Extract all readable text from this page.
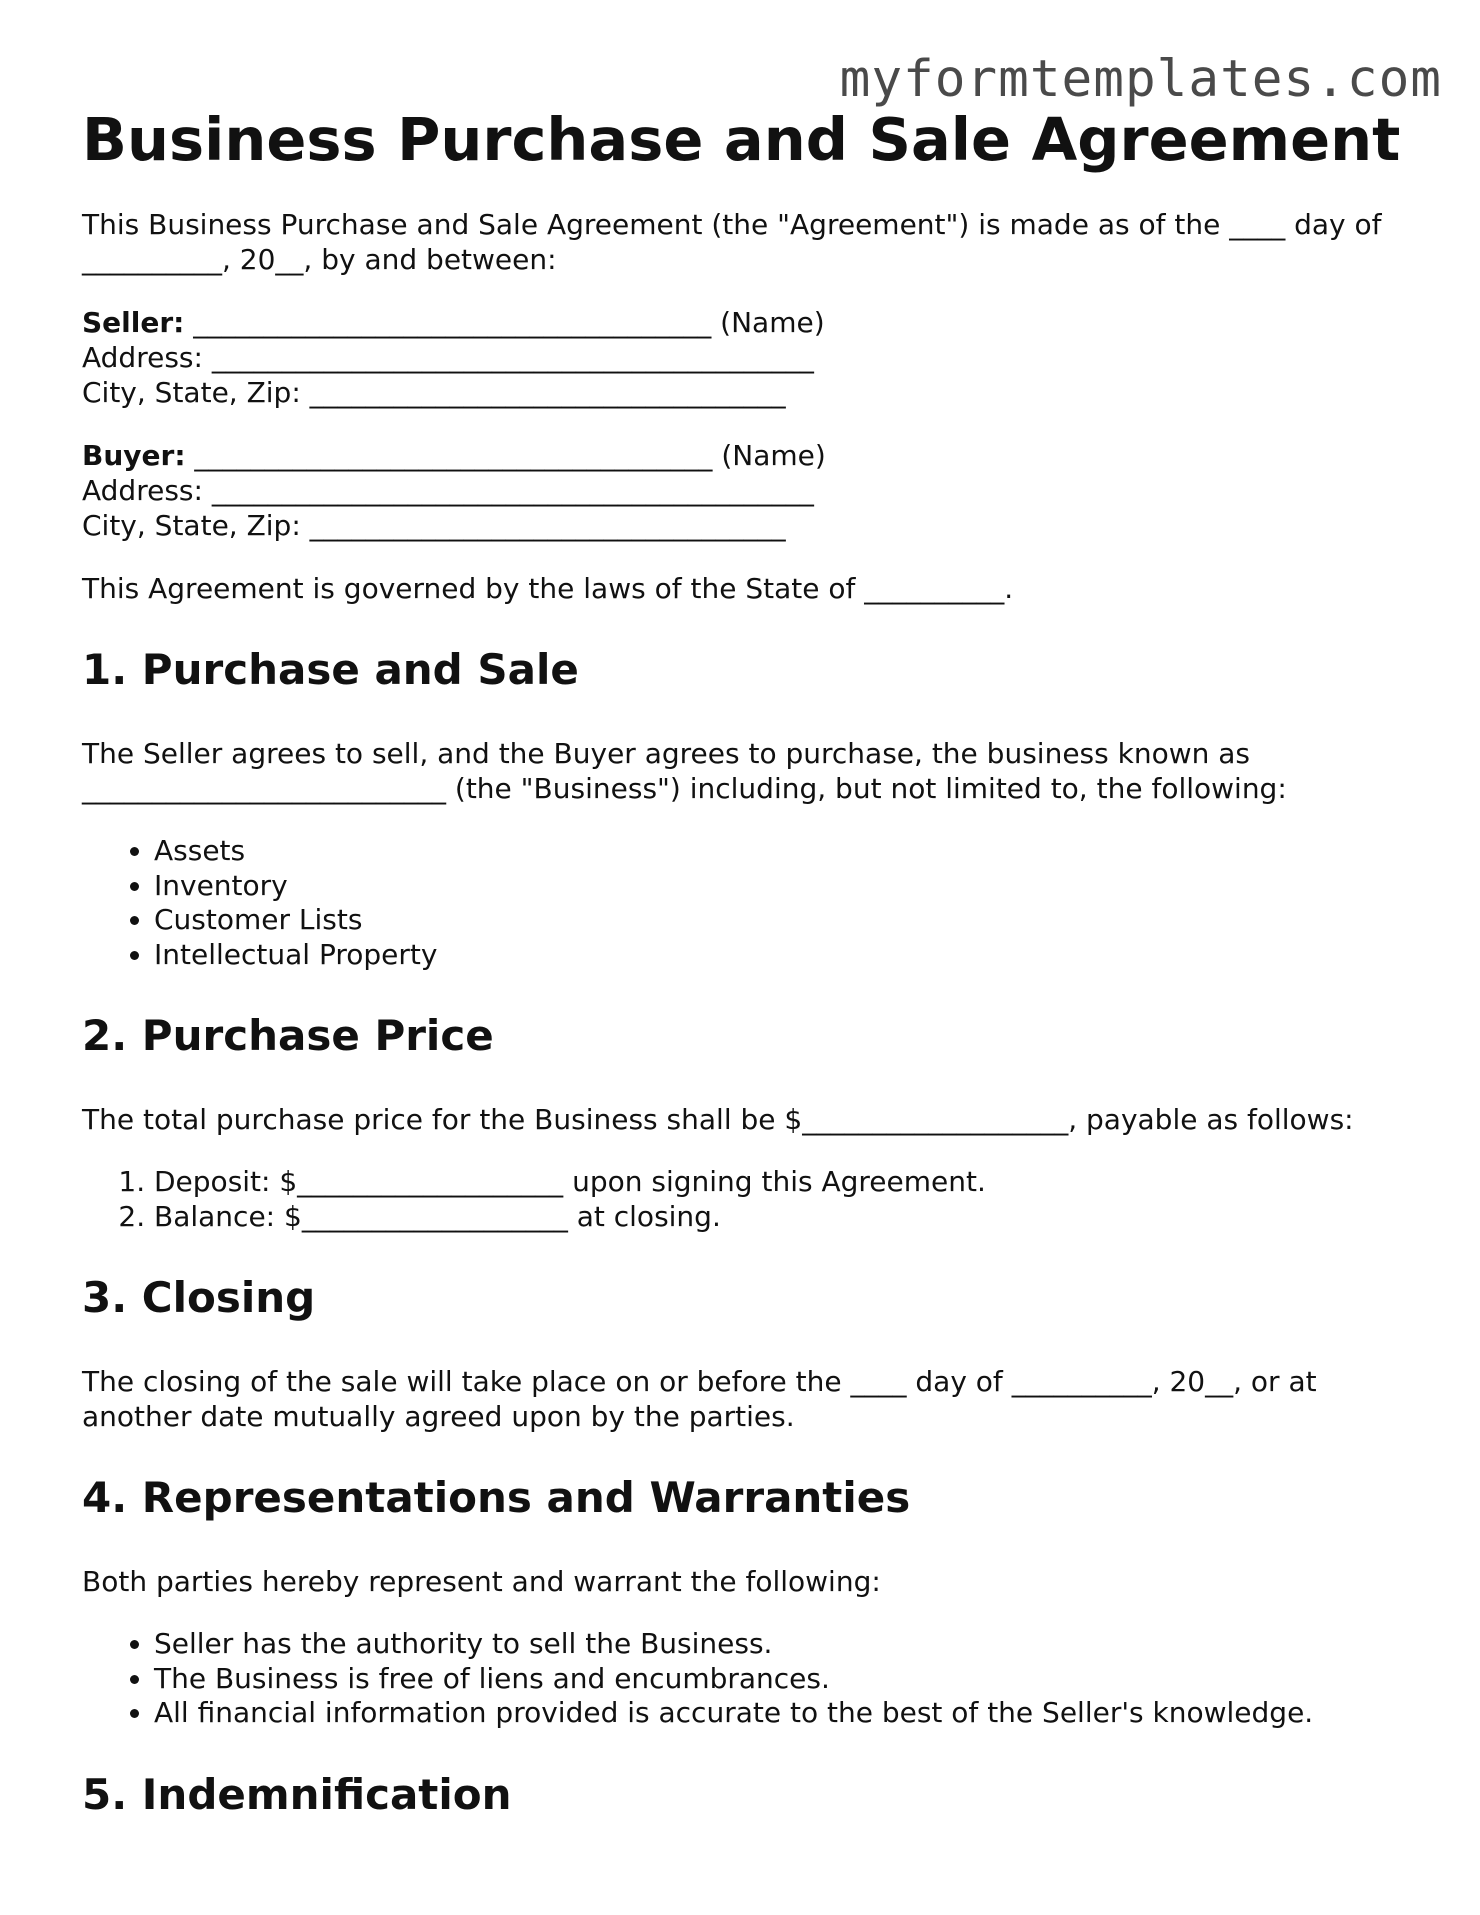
myformtemplates.com
Business Purchase and Sale Agreement

This Business Purchase and Sale Agreement (the "Agreement") is made as of the ____ day of __________, 20__, by and between:

Seller: _____________________________________ (Name)

Address: ___________________________________________

City, State, Zip: __________________________________

Buyer: _____________________________________ (Name)

Address: ___________________________________________

City, State, Zip: __________________________________

This Agreement is governed by the laws of the State of __________.

1. Purchase and Sale

The Seller agrees to sell, and the Buyer agrees to purchase, the business known as __________________________ (the "Business") including, but not limited to, the following:

• Assets
• Inventory
• Customer Lists
• Intellectual Property
2. Purchase Price

The total purchase price for the Business shall be $___________________, payable as follows:

1. Deposit: $___________________ upon signing this Agreement.
2. Balance: $___________________ at closing.
3. Closing

The closing of the sale will take place on or before the ____ day of __________, 20__, or at another date mutually agreed upon by the parties.

4. Representations and Warranties

Both parties hereby represent and warrant the following:

• Seller has the authority to sell the Business.
• The Business is free of liens and encumbrances.
• All financial information provided is accurate to the best of the Seller's knowledge.
5. Indemnification
